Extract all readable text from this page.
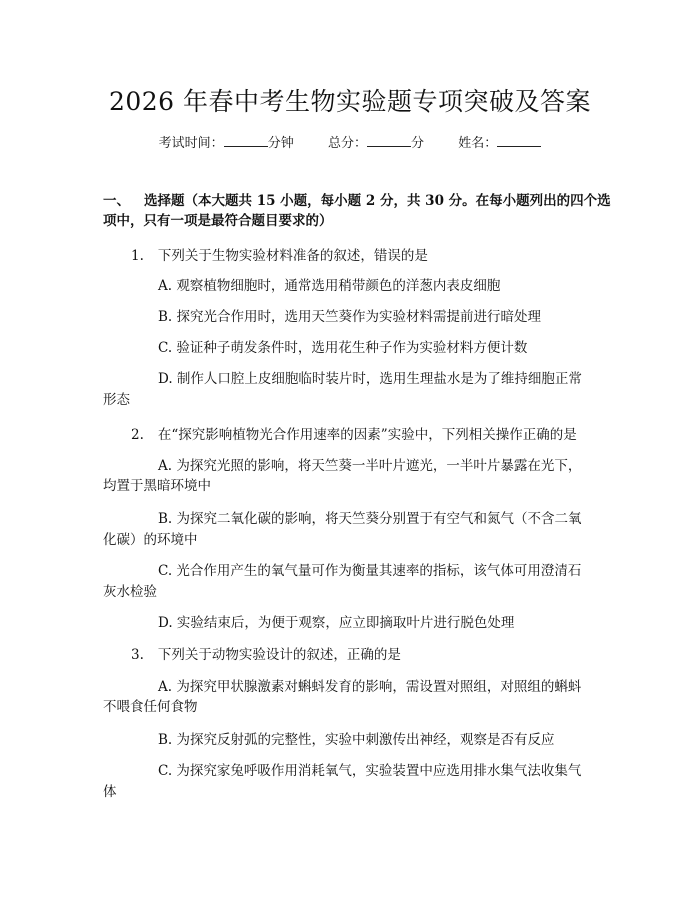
2026 年春中考生物实验题专项突破及答案
考试时间：	分钟	总分：	分	姓名：
一、 选择题（本大题共 15 小题，每小题 2 分，共 30 分。在每小题列出的四个选
项中，只有一项是最符合题目要求的）
1. 下列关于生物实验材料准备的叙述，错误的是
A. 观察植物细胞时，通常选用稍带颜色的洋葱内表皮细胞
B. 探究光合作用时，选用天竺葵作为实验材料需提前进行暗处理
C. 验证种子萌发条件时，选用花生种子作为实验材料方便计数
D. 制作人口腔上皮细胞临时装片时，选用生理盐水是为了维持细胞正常
形态
2. 在“探究影响植物光合作用速率的因素”实验中，下列相关操作正确的是
A. 为探究光照的影响，将天竺葵一半叶片遮光，一半叶片暴露在光下，
均置于黑暗环境中
B. 为探究二氧化碳的影响，将天竺葵分别置于有空气和氮气（不含二氧
化碳）的环境中
C. 光合作用产生的氧气量可作为衡量其速率的指标，该气体可用澄清石
灰水检验
D. 实验结束后，为便于观察，应立即摘取叶片进行脱色处理
3. 下列关于动物实验设计的叙述，正确的是
A. 为探究甲状腺激素对蝌蚪发育的影响，需设置对照组，对照组的蝌蚪
不喂食任何食物
B. 为探究反射弧的完整性，实验中刺激传出神经，观察是否有反应
C. 为探究家兔呼吸作用消耗氧气，实验装置中应选用排水集气法收集气
体
